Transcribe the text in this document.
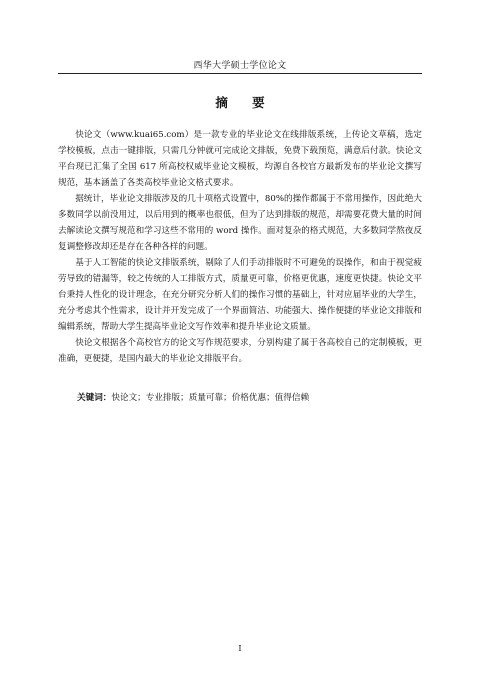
西华大学硕士学位论文
摘 要

快论文（www.kuai65.com）是一款专业的毕业论文在线排版系统，上传论文草稿，选定学校模板，点击一键排版，只需几分钟就可完成论文排版，免费下载预览，满意后付款。快论文平台现已汇集了全国 617 所高校权威毕业论文模板，均源自各校官方最新发布的毕业论文撰写规范，基本涵盖了各类高校毕业论文格式要求。

据统计，毕业论文排版涉及的几十项格式设置中，80%的操作都属于不常用操作，因此绝大多数同学以前没用过，以后用到的概率也很低，但为了达到排版的规范，却需要花费大量的时间去解读论文撰写规范和学习这些不常用的 word 操作。面对复杂的格式规范，大多数同学熬夜反复调整修改却还是存在各种各样的问题。

基于人工智能的快论文排版系统，剔除了人们手动排版时不可避免的误操作，和由于视觉疲劳导致的错漏等，较之传统的人工排版方式，质量更可靠，价格更优惠，速度更快捷。快论文平台秉持人性化的设计理念，在充分研究分析人们的操作习惯的基础上，针对应届毕业的大学生，充分考虑其个性需求，设计并开发完成了一个界面简洁、功能强大、操作便捷的毕业论文排版和编辑系统，帮助大学生提高毕业论文写作效率和提升毕业论文质量。

快论文根据各个高校官方的论文写作规范要求，分别构建了属于各高校自己的定制模板，更准确，更便捷，是国内最大的毕业论文排版平台。

关键词：快论文；专业排版；质量可靠；价格优惠；值得信赖
I
